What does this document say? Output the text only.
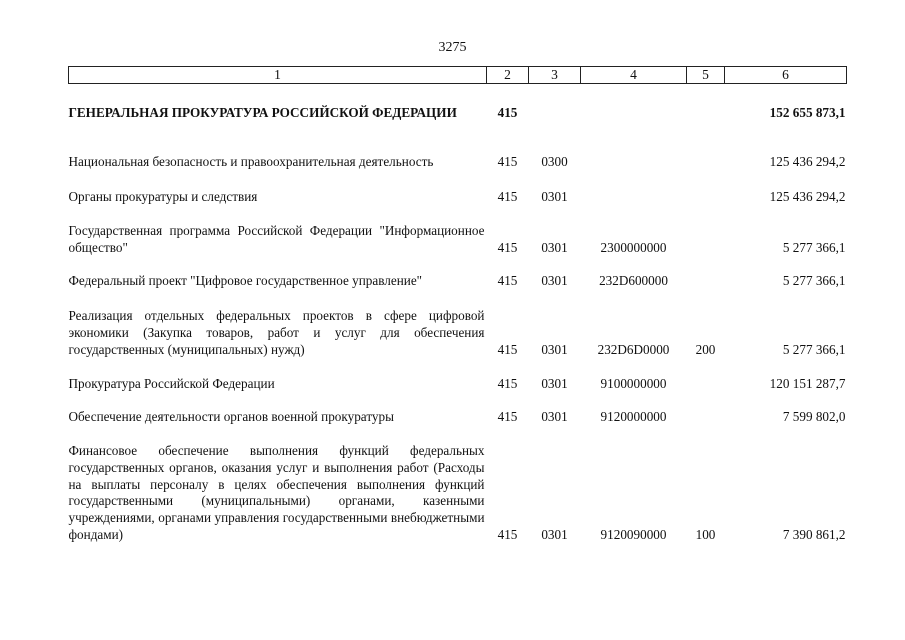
3275
1	2	3	4	5	6

ГЕНЕРАЛЬНАЯ ПРОКУРАТУРА РОССИЙСКОЙ ФЕДЕРАЦИИ	415				152 655 873,1

Национальная безопасность и правоохранительная деятельность	415	0300			125 436 294,2

Органы прокуратуры и следствия	415	0301			125 436 294,2

Государственная программа Российской Федерации "Информационное общество"	415	0301	2300000000		5 277 366,1

Федеральный проект "Цифровое государственное управление"	415	0301	232D600000		5 277 366,1

Реализация отдельных федеральных проектов в сфере цифровой экономики (Закупка товаров, работ и услуг для обеспечения государственных (муниципальных) нужд)	415	0301	232D6D0000	200	5 277 366,1

Прокуратура Российской Федерации	415	0301	9100000000		120 151 287,7

Обеспечение деятельности органов военной прокуратуры	415	0301	9120000000		7 599 802,0

Финансовое обеспечение выполнения функций федеральных государственных органов, оказания услуг и выполнения работ (Расходы на выплаты персоналу в целях обеспечения выполнения функций государственными (муниципальными) органами, казенными учреждениями, органами управления государственными внебюджетными фондами)	415	0301	9120090000	100	7 390 861,2
